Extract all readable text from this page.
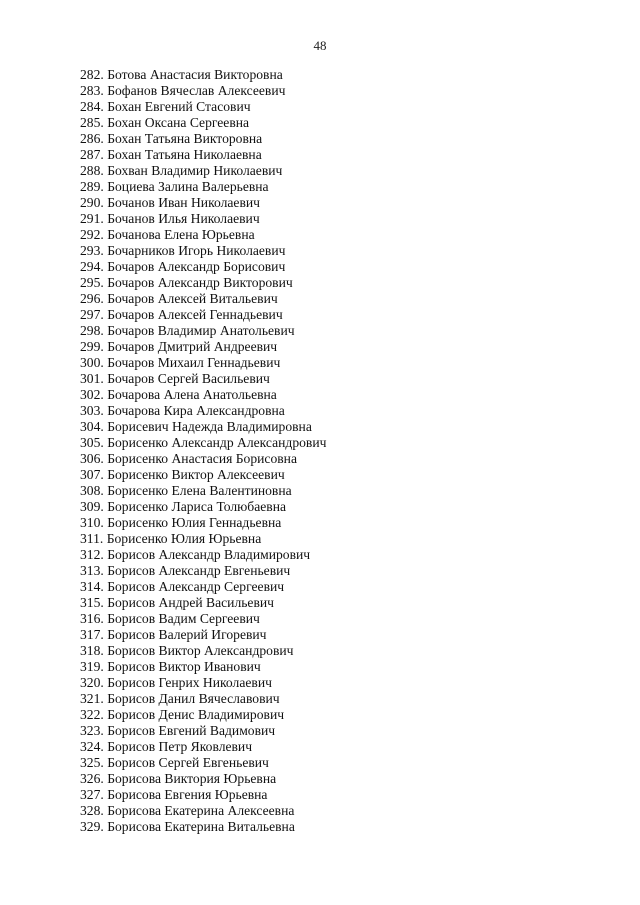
48
282. Ботова Анастасия Викторовна
283. Бофанов Вячеслав Алексеевич
284. Бохан Евгений Стасович
285. Бохан Оксана Сергеевна
286. Бохан Татьяна Викторовна
287. Бохан Татьяна Николаевна
288. Бохван Владимир Николаевич
289. Боциева Залина Валерьевна
290. Бочанов Иван Николаевич
291. Бочанов Илья Николаевич
292. Бочанова Елена Юрьевна
293. Бочарников Игорь Николаевич
294. Бочаров Александр Борисович
295. Бочаров Александр Викторович
296. Бочаров Алексей Витальевич
297. Бочаров Алексей Геннадьевич
298. Бочаров Владимир Анатольевич
299. Бочаров Дмитрий Андреевич
300. Бочаров Михаил Геннадьевич
301. Бочаров Сергей Васильевич
302. Бочарова Алена Анатольевна
303. Бочарова Кира Александровна
304. Борисевич Надежда Владимировна
305. Борисенко Александр Александрович
306. Борисенко Анастасия Борисовна
307. Борисенко Виктор Алексеевич
308. Борисенко Елена Валентиновна
309. Борисенко Лариса Толюбаевна
310. Борисенко Юлия Геннадьевна
311. Борисенко Юлия Юрьевна
312. Борисов Александр Владимирович
313. Борисов Александр Евгеньевич
314. Борисов Александр Сергеевич
315. Борисов Андрей Васильевич
316. Борисов Вадим Сергеевич
317. Борисов Валерий Игоревич
318. Борисов Виктор Александрович
319. Борисов Виктор Иванович
320. Борисов Генрих Николаевич
321. Борисов Данил Вячеславович
322. Борисов Денис Владимирович
323. Борисов Евгений Вадимович
324. Борисов Петр Яковлевич
325. Борисов Сергей Евгеньевич
326. Борисова Виктория Юрьевна
327. Борисова Евгения Юрьевна
328. Борисова Екатерина Алексеевна
329. Борисова Екатерина Витальевна
